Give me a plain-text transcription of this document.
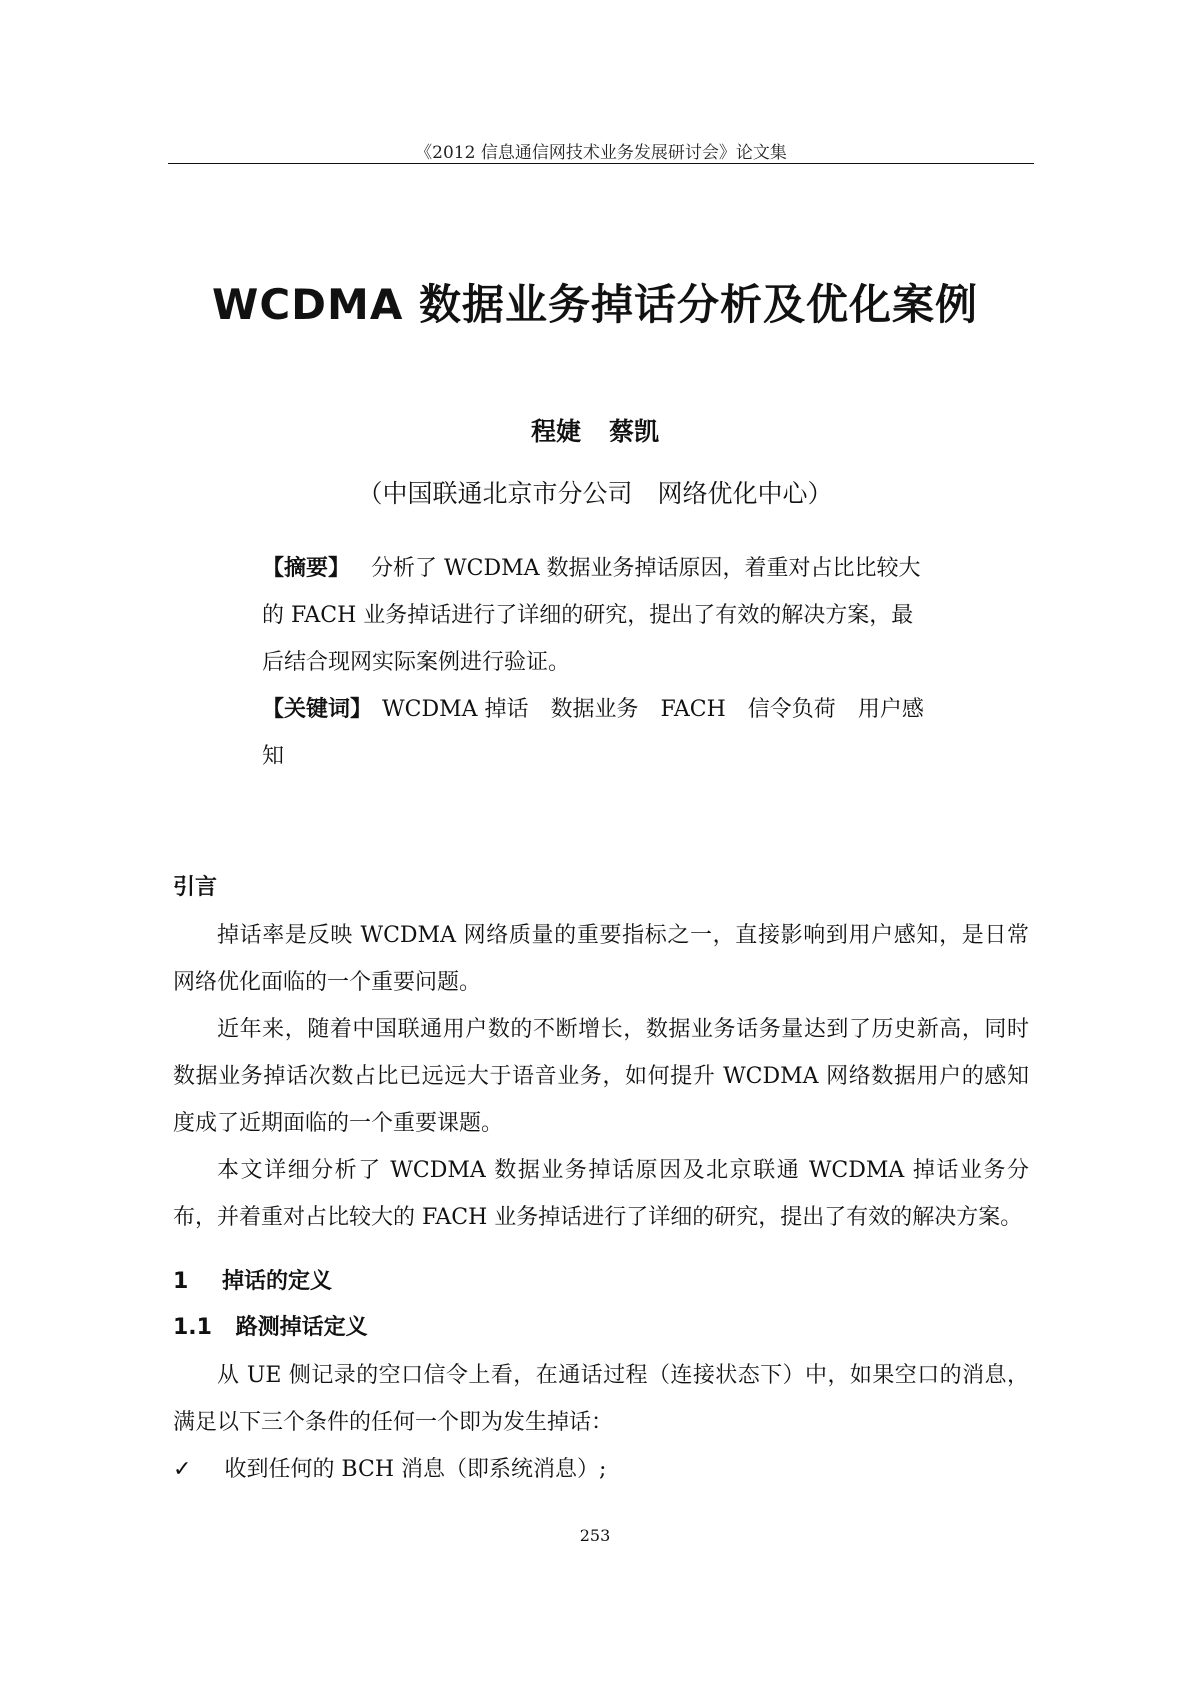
《2012 信息通信网技术业务发展研讨会》论文集
WCDMA 数据业务掉话分析及优化案例
程婕 蔡凯
（中国联通北京市分公司　网络优化中心）
【摘要】 分析了 WCDMA 数据业务掉话原因，着重对占比比较大的 FACH 业务掉话进行了详细的研究，提出了有效的解决方案，最后结合现网实际案例进行验证。
【关键词】 WCDMA 掉话 数据业务 FACH 信令负荷 用户感知
引言

掉话率是反映 WCDMA 网络质量的重要指标之一，直接影响到用户感知，是日常网络优化面临的一个重要问题。

近年来，随着中国联通用户数的不断增长，数据业务话务量达到了历史新高，同时数据业务掉话次数占比已远远大于语音业务，如何提升 WCDMA 网络数据用户的感知度成了近期面临的一个重要课题。

本文详细分析了 WCDMA 数据业务掉话原因及北京联通 WCDMA 掉话业务分布，并着重对占比较大的 FACH 业务掉话进行了详细的研究，提出了有效的解决方案。

1 掉话的定义
1.1 路测掉话定义

从 UE 侧记录的空口信令上看，在通话过程（连接状态下）中，如果空口的消息，满足以下三个条件的任何一个即为发生掉话：

✓ 收到任何的 BCH 消息（即系统消息）;

253
